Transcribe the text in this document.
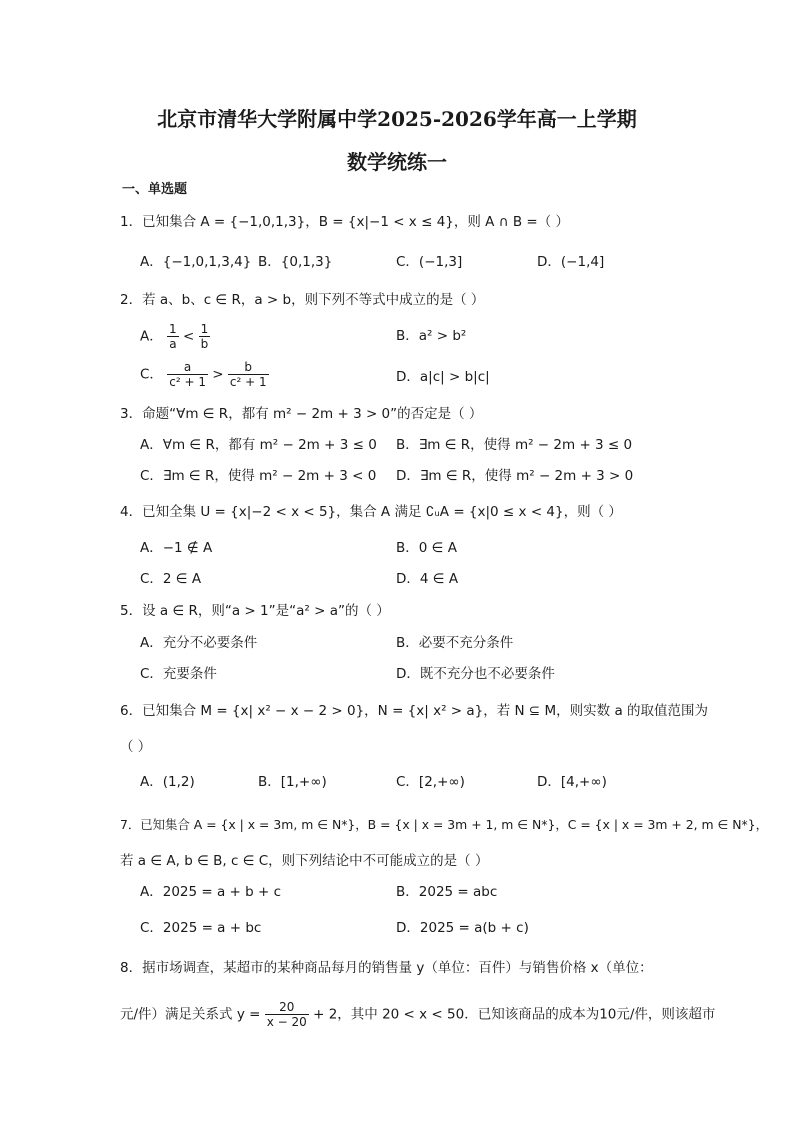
北京市清华大学附属中学2025-2026学年高一上学期
数学统练一
一、单选题
1．已知集合 A = {−1,0,1,3}，B = {x|−1 < x ≤ 4}，则 A ∩ B =（ ）
A．{−1,0,1,3,4} B．{0,1,3}	C．(−1,3]	D．(−1,4]
2．若 a、b、c ∈ R，a > b，则下列不等式中成立的是（ ）
A． $\frac{1}{a} < \frac{1}{b}$	B．a² > b²
C． $\frac{a}{\text{c² + 1}} > \frac{b}{\text{c² + 1}}$	D．a|c| > b|c|
3．命题“∀m ∈ R，都有 m² − 2m + 3 > 0”的否定是（ ）
A．∀m ∈ R，都有 m² − 2m + 3 ≤ 0 B．∃m ∈ R，使得 m² − 2m + 3 ≤ 0
C．∃m ∈ R，使得 m² − 2m + 3 < 0 D．∃m ∈ R，使得 m² − 2m + 3 > 0
4．已知全集 U = {x|−2 < x < 5}，集合 A 满足 ∁ᵤA = {x|0 ≤ x < 4}，则（ ）
A．−1 ∉ A	B．0 ∈ A
C．2 ∈ A	D．4 ∈ A
5．设 a ∈ R，则“a > 1”是“a² > a”的（ ）
A．充分不必要条件	B．必要不充分条件
C．充要条件	D．既不充分也不必要条件
6．已知集合 M = {x| x² − x − 2 > 0}，N = {x| x² > a}，若 N ⊆ M，则实数 a 的取值范围为
（ ）
A．(1,2)	B．[1,+∞)	C．[2,+∞)	D．[4,+∞)
7．已知集合 A = {x | x = 3m, m ∈ N*}，B = {x | x = 3m + 1, m ∈ N*}，C = {x | x = 3m + 2, m ∈ N*}，
若 a ∈ A, b ∈ B, c ∈ C，则下列结论中不可能成立的是（ ）
A．2025 = a + b + c	B．2025 = abc
C．2025 = a + bc	D．2025 = a(b + c)
8．据市场调查，某超市的某种商品每月的销售量 y（单位：百件）与销售价格 x（单位：
元/件）满足关系式 $y = \frac{20}{x - 20} + 2$，其中 20 < x < 50．已知该商品的成本为10元/件，则该超市
